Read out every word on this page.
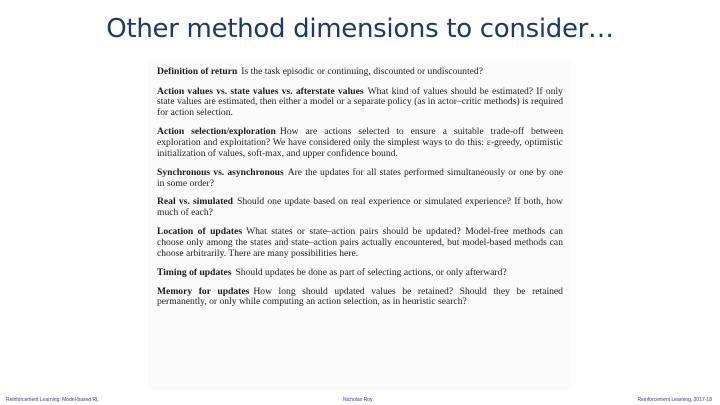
Other method dimensions to consider…
Definition of return Is the task episodic or continuing, discounted or undiscounted?
Action values vs. state values vs. afterstate values What kind of values should be estimated? If only state values are estimated, then either a model or a separate policy (as in actor–critic methods) is required for action selection.
Action selection/exploration How are actions selected to ensure a suitable trade-off between exploration and exploitation? We have considered only the simplest ways to do this: ε-greedy, optimistic initialization of values, soft-max, and upper confidence bound.
Synchronous vs. asynchronous Are the updates for all states performed simultaneously or one by one in some order?
Real vs. simulated Should one update based on real experience or simulated experience? If both, how much of each?
Location of updates What states or state–action pairs should be updated? Model-free methods can choose only among the states and state–action pairs actually encountered, but model-based methods can choose arbitrarily. There are many possibilities here.
Timing of updates Should updates be done as part of selecting actions, or only afterward?
Memory for updates How long should updated values be retained? Should they be retained permanently, or only while computing an action selection, as in heuristic search?
Reinforcement Learning: Model-based RL	Nicholas Roy	Reinforcement Learning, 2017-18
